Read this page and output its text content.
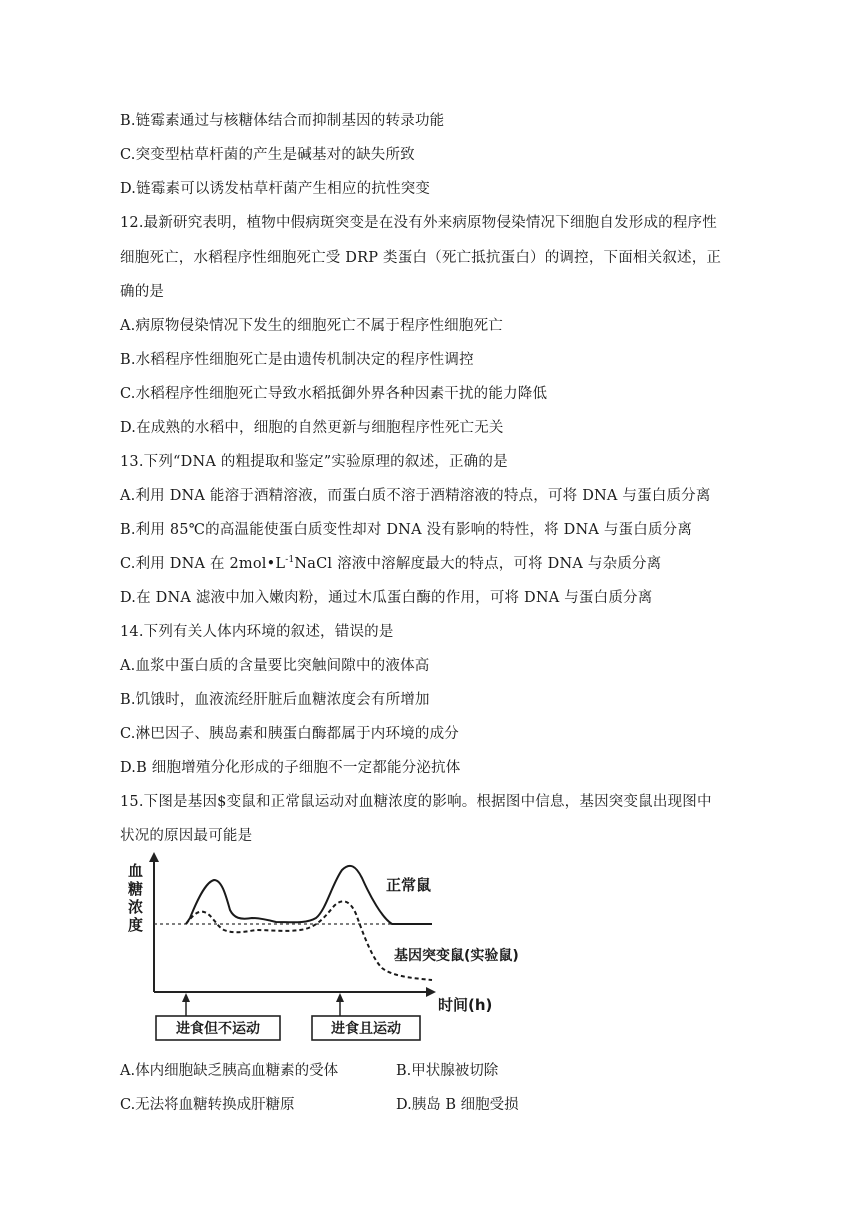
B.链霉素通过与核糖体结合而抑制基因的转录功能
C.突变型枯草杆菌的产生是碱基对的缺失所致
D.链霉素可以诱发枯草杆菌产生相应的抗性突变
12.最新研究表明，植物中假病斑突变是在没有外来病原物侵染情况下细胞自发形成的程序性
细胞死亡，水稻程序性细胞死亡受 DRP 类蛋白（死亡抵抗蛋白）的调控，下面相关叙述，正
确的是
A.病原物侵染情况下发生的细胞死亡不属于程序性细胞死亡
B.水稻程序性细胞死亡是由遗传机制决定的程序性调控
C.水稻程序性细胞死亡导致水稻抵御外界各种因素干扰的能力降低
D.在成熟的水稻中，细胞的自然更新与细胞程序性死亡无关
13.下列“DNA 的粗提取和鉴定”实验原理的叙述，正确的是
A.利用 DNA 能溶于酒精溶液，而蛋白质不溶于酒精溶液的特点，可将 DNA 与蛋白质分离
B.利用 85℃的高温能使蛋白质变性却对 DNA 没有影响的特性，将 DNA 与蛋白质分离
C.利用 DNA 在 $2mol•L^{-1}NaCl$ 溶液中溶解度最大的特点，可将 DNA 与杂质分离
D.在 DNA 滤液中加入嫩肉粉，通过木瓜蛋白酶的作用，可将 DNA 与蛋白质分离
14.下列有关人体内环境的叙述，错误的是
A.血浆中蛋白质的含量要比突触间隙中的液体高
B.饥饿时，血液流经肝脏后血糖浓度会有所增加
C.淋巴因子、胰岛素和胰蛋白酶都属于内环境的成分
D.B 细胞增殖分化形成的子细胞不一定都能分泌抗体
15.下图是基因$变鼠和正常鼠运动对血糖浓度的影响。根据图中信息，基因突变鼠出现图中
状况的原因最可能是
血
糖
浓
度
时间(h)
正常鼠
基因突变鼠(实验鼠)
进食但不运动	进食且运动
A.体内细胞缺乏胰高血糖素的受体	B.甲状腺被切除
C.无法将血糖转换成肝糖原	D.胰岛 B 细胞受损
